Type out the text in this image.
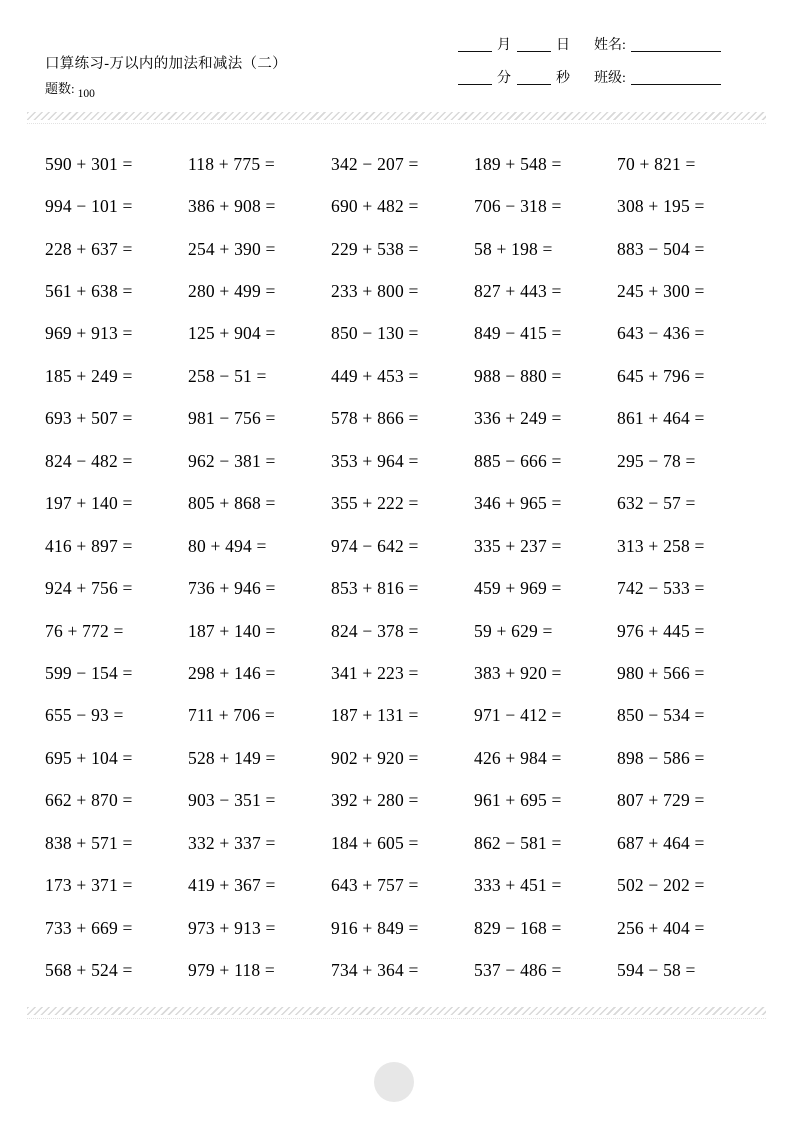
口算练习-万以内的加法和减法（二）
题数: 100
月	日 姓名:
分	秒 班级:
590 + 301 =	118 + 775 =	342 − 207 =	189 + 548 =	70 + 821 =
994 − 101 =	386 + 908 =	690 + 482 =	706 − 318 =	308 + 195 =
228 + 637 =	254 + 390 =	229 + 538 =	58 + 198 =	883 − 504 =
561 + 638 =	280 + 499 =	233 + 800 =	827 + 443 =	245 + 300 =
969 + 913 =	125 + 904 =	850 − 130 =	849 − 415 =	643 − 436 =
185 + 249 =	258 − 51 =	449 + 453 =	988 − 880 =	645 + 796 =
693 + 507 =	981 − 756 =	578 + 866 =	336 + 249 =	861 + 464 =
824 − 482 =	962 − 381 =	353 + 964 =	885 − 666 =	295 − 78 =
197 + 140 =	805 + 868 =	355 + 222 =	346 + 965 =	632 − 57 =
416 + 897 =	80 + 494 =	974 − 642 =	335 + 237 =	313 + 258 =
924 + 756 =	736 + 946 =	853 + 816 =	459 + 969 =	742 − 533 =
76 + 772 =	187 + 140 =	824 − 378 =	59 + 629 =	976 + 445 =
599 − 154 =	298 + 146 =	341 + 223 =	383 + 920 =	980 + 566 =
655 − 93 =	711 + 706 =	187 + 131 =	971 − 412 =	850 − 534 =
695 + 104 =	528 + 149 =	902 + 920 =	426 + 984 =	898 − 586 =
662 + 870 =	903 − 351 =	392 + 280 =	961 + 695 =	807 + 729 =
838 + 571 =	332 + 337 =	184 + 605 =	862 − 581 =	687 + 464 =
173 + 371 =	419 + 367 =	643 + 757 =	333 + 451 =	502 − 202 =
733 + 669 =	973 + 913 =	916 + 849 =	829 − 168 =	256 + 404 =
568 + 524 =	979 + 118 =	734 + 364 =	537 − 486 =	594 − 58 =
